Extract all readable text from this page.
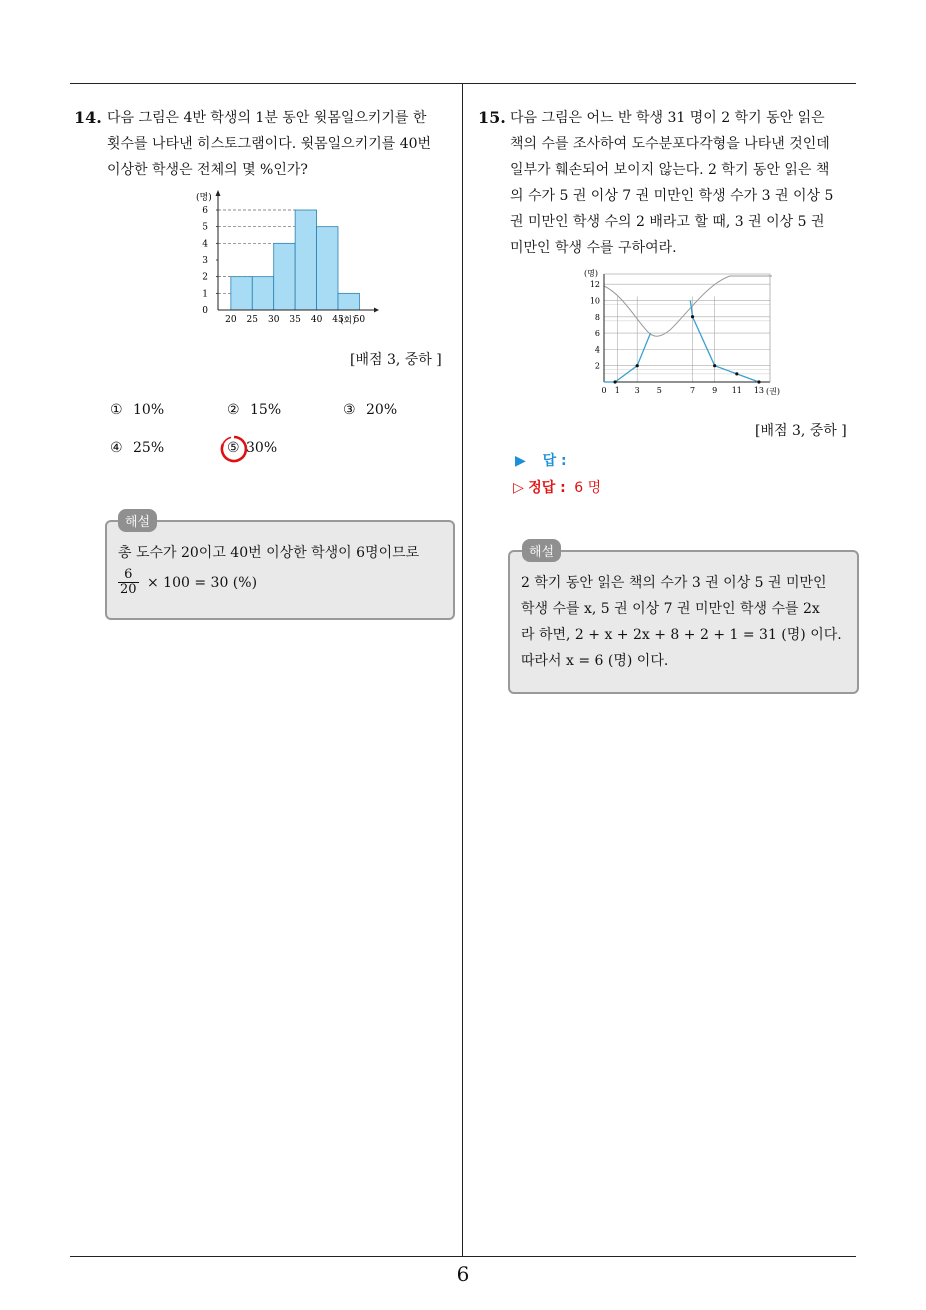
6
14. 다음 그림은 4반 학생의 1분 동안 윗몸일으키기를 한
횟수를 나타낸 히스토그램이다. 윗몸일으키기를 40번
이상한 학생은 전체의 몇 %인가?
0
1
2
3
4
5
6
20 25 30 35 40 45 50
(명)
(회)
[배점 3, 중하 ]
① 10%	② 15%	③ 20%
④ 25%	⑤ 30%
해설
총 도수가 20이고 40번 이상한 학생이 6명이므로
$\frac{6}{20} \times 100 = 30$ (%)
15. 다음 그림은 어느 반 학생 31 명이 2 학기 동안 읽은
책의 수를 조사하여 도수분포다각형을 나타낸 것인데
일부가 훼손되어 보이지 않는다. 2 학기 동안 읽은 책
의 수가 5 권 이상 7 권 미만인 학생 수가 3 권 이상 5
권 미만인 학생 수의 2 배라고 할 때, 3 권 이상 5 권
미만인 학생 수를 구하여라.
2
4
6
8
10
12
0 1 3 5	7 9 11 13
(명)
(권)
[배점 3, 중하 ]
▶ 답 :
▷ 정답 : 6 명
해설
2 학기 동안 읽은 책의 수가 3 권 이상 5 권 미만인
학생 수를 x, 5 권 이상 7 권 미만인 학생 수를 2x
라 하면, 2 + x + 2x + 8 + 2 + 1 = 31 (명) 이다.
따라서 x = 6 (명) 이다.
